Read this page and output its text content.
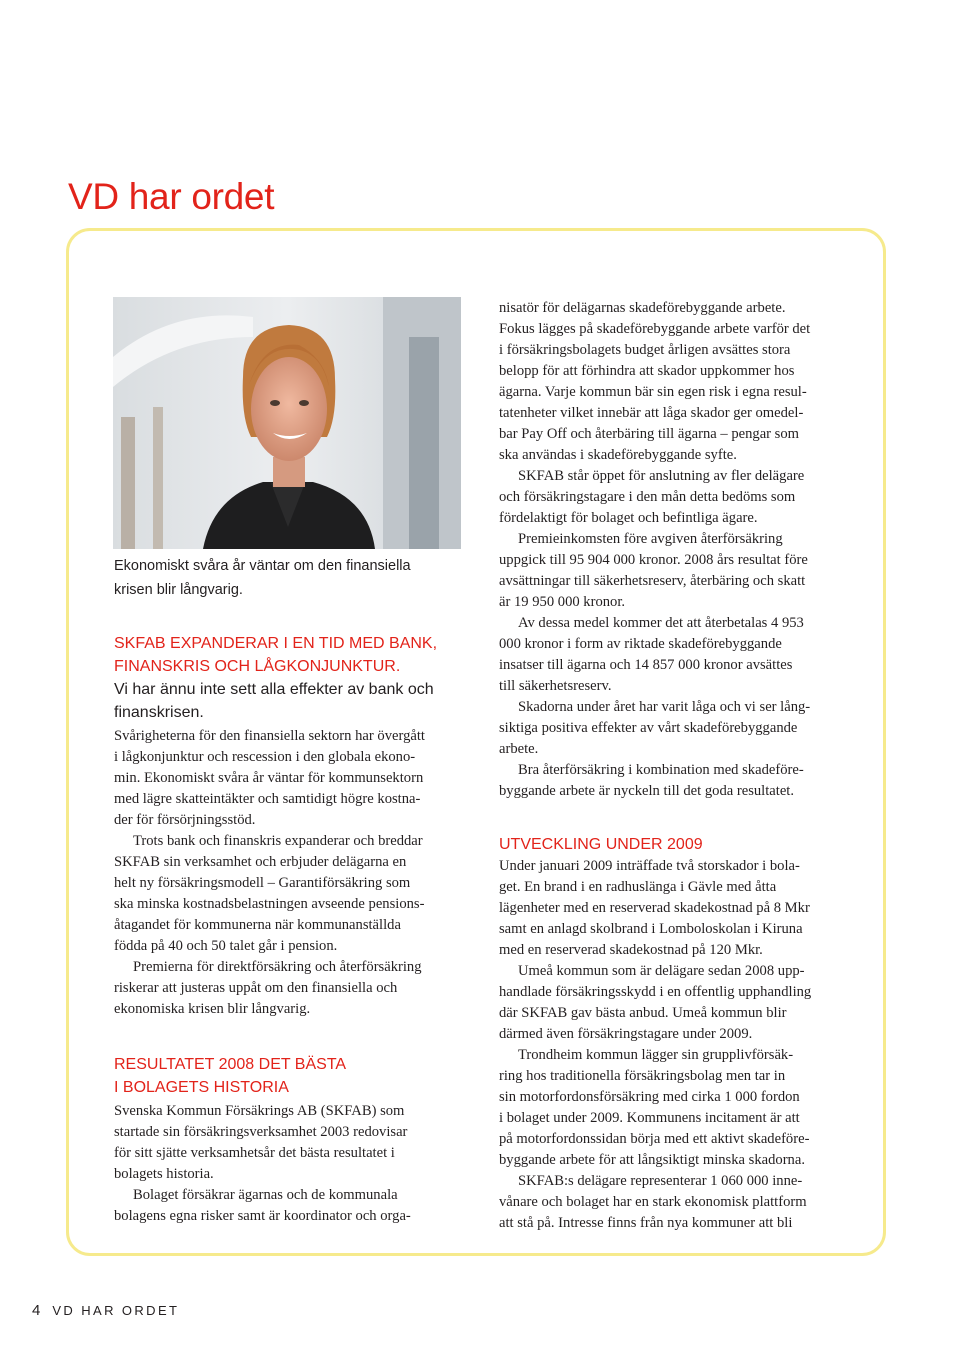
VD har ordet
Ekonomiskt svåra år väntar om den finansiella
krisen blir långvarig.

SKFAB EXPANDERAR I EN TID MED BANK,
FINANSKRIS OCH LÅGKONJUNKTUR.
Vi har ännu inte sett alla effekter av bank och
finanskrisen.

Svårigheterna för den finansiella sektorn har övergått
i lågkonjunktur och rescession i den globala ekono-
min. Ekonomiskt svåra år väntar för kommunsektorn
med lägre skatteintäkter och samtidigt högre kostna-
der för försörjningsstöd.

Trots bank och finanskris expanderar och breddar
SKFAB sin verksamhet och erbjuder delägarna en
helt ny försäkringsmodell – Garantiförsäkring som
ska minska kostnadsbelastningen avseende pensions-
åtagandet för kommunerna när kommunanställda
födda på 40 och 50 talet går i pension.

Premierna för direktförsäkring och återförsäkring
riskerar att justeras uppåt om den finansiella och
ekonomiska krisen blir långvarig.

RESULTATET 2008 DET BÄSTA
I BOLAGETS HISTORIA

Svenska Kommun Försäkrings AB (SKFAB) som
startade sin försäkringsverksamhet 2003 redovisar
för sitt sjätte verksamhetsår det bästa resultatet i
bolagets historia.

Bolaget försäkrar ägarnas och de kommunala
bolagens egna risker samt är koordinator och orga-

nisatör för delägarnas skadeförebyggande arbete.
Fokus lägges på skadeförebyggande arbete varför det
i försäkringsbolagets budget årligen avsättes stora
belopp för att förhindra att skador uppkommer hos
ägarna. Varje kommun bär sin egen risk i egna resul-
tatenheter vilket innebär att låga skador ger omedel-
bar Pay Off och återbäring till ägarna – pengar som
ska användas i skadeförebyggande syfte.

SKFAB står öppet för anslutning av fler delägare
och försäkringstagare i den mån detta bedöms som
fördelaktigt för bolaget och befintliga ägare.

Premieinkomsten före avgiven återförsäkring
uppgick till 95 904 000 kronor. 2008 års resultat före
avsättningar till säkerhetsreserv, återbäring och skatt
är 19 950 000 kronor.

Av dessa medel kommer det att återbetalas 4 953
000 kronor i form av riktade skadeförebyggande
insatser till ägarna och 14 857 000 kronor avsättes
till säkerhetsreserv.

Skadorna under året har varit låga och vi ser lång-
siktiga positiva effekter av vårt skadeförebyggande
arbete.

Bra återförsäkring i kombination med skadeföre-
byggande arbete är nyckeln till det goda resultatet.

UTVECKLING UNDER 2009

Under januari 2009 inträffade två storskador i bola-
get. En brand i en radhuslänga i Gävle med åtta
lägenheter med en reserverad skadekostnad på 8 Mkr
samt en anlagd skolbrand i Lomboloskolan i Kiruna
med en reserverad skadekostnad på 120 Mkr.

Umeå kommun som är delägare sedan 2008 upp-
handlade försäkringsskydd i en offentlig upphandling
där SKFAB gav bästa anbud. Umeå kommun blir
därmed även försäkringstagare under 2009.

Trondheim kommun lägger sin grupplivförsäk-
ring hos traditionella försäkringsbolag men tar in
sin motorfordonsförsäkring med cirka 1 000 fordon
i bolaget under 2009. Kommunens incitament är att
på motorfordonssidan börja med ett aktivt skadeföre-
byggande arbete för att långsiktigt minska skadorna.

SKFAB:s delägare representerar 1 060 000 inne-
vånare och bolaget har en stark ekonomisk plattform
att stå på. Intresse finns från nya kommuner att bli

4 VD HAR ORDET
